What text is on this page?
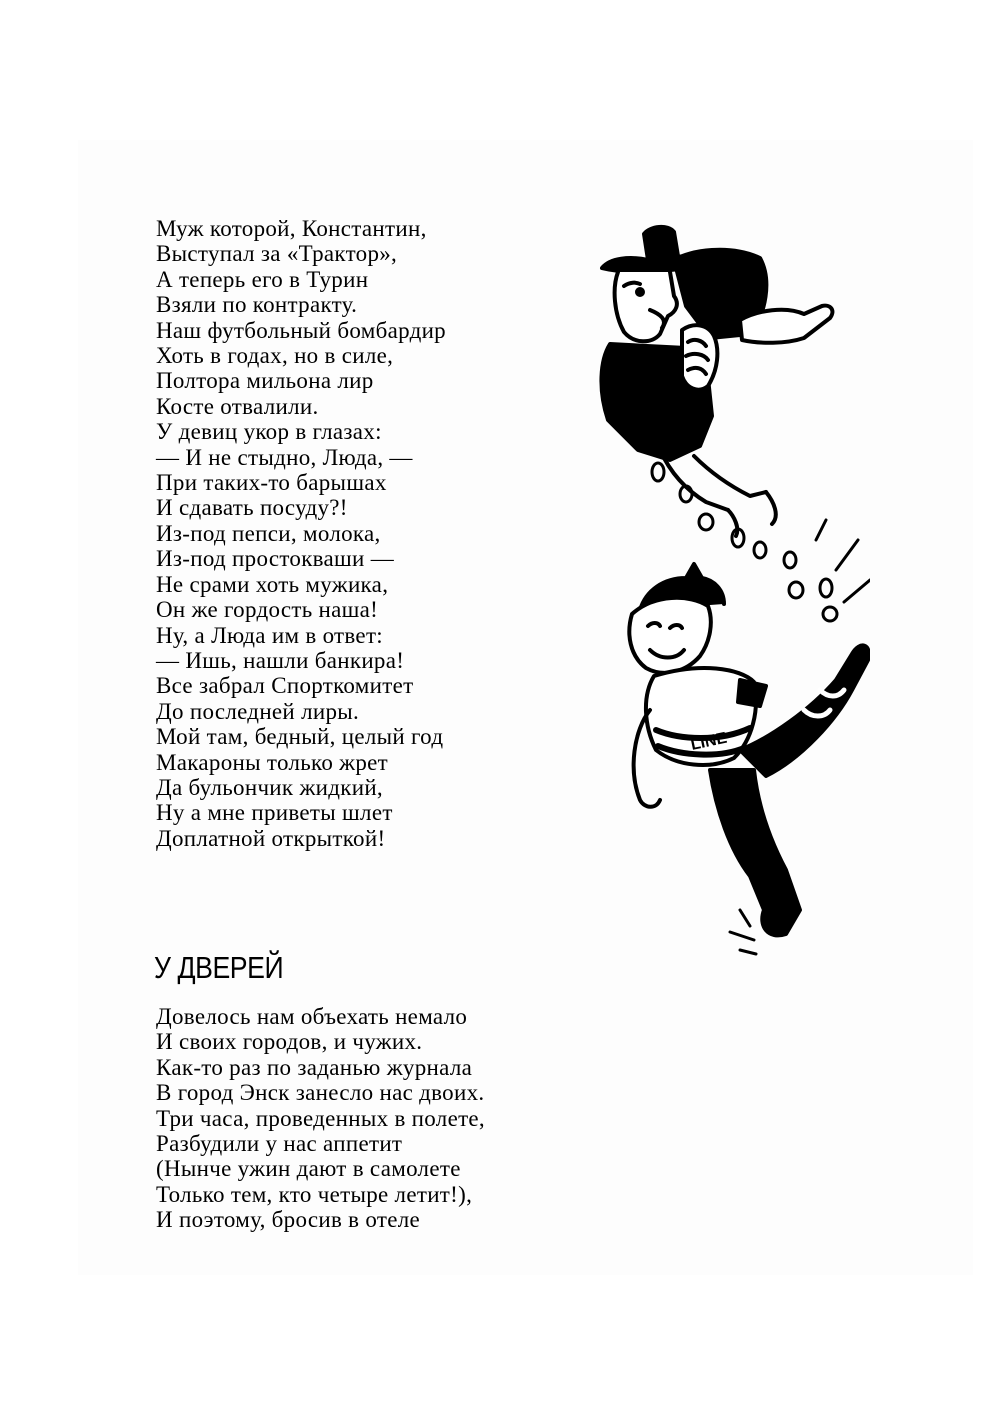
Муж которой, Константин,
Выступал за «Трактор»,
А теперь его в Турин
Взяли по контракту.
Наш футбольный бомбардир
Хоть в годах, но в силе,
Полтора мильона лир
Косте отвалили.
У девиц укор в глазах:
— И не стыдно, Люда, —
При таких-то барышах
И сдавать посуду?!
Из-под пепси, молока,
Из-под простокваши —
Не срами хоть мужика,
Он же гордость наша!
Ну, а Люда им в ответ:
— Ишь, нашли банкира!
Все забрал Спорткомитет
До последней лиры.
Мой там, бедный, целый год
Макароны только жрет
Да бульончик жидкий,
Ну а мне приветы шлет
Доплатной открыткой!
LINE
У ДВЕРЕЙ
Довелось нам объехать немало
И своих городов, и чужих.
Как-то раз по заданью журнала
В город Энск занесло нас двоих.
Три часа, проведенных в полете,
Разбудили у нас аппетит
(Нынче ужин дают в самолете
Только тем, кто четыре летит!),
И поэтому, бросив в отеле
